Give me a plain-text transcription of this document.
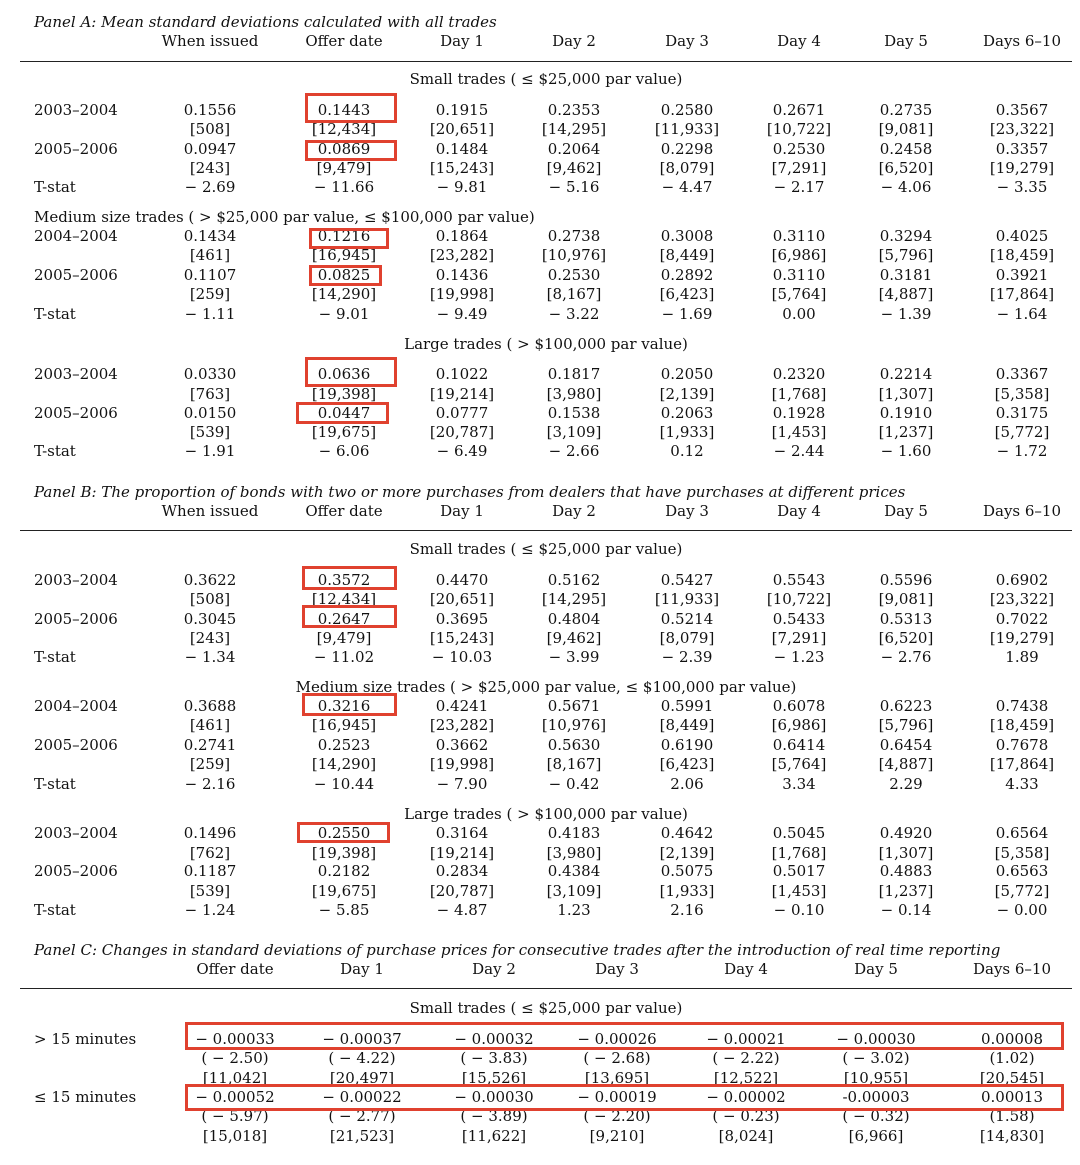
Panel A: Mean standard deviations calculated with all trades
When issued	Offer date	Day 1	Day 2	Day 3	Day 4	Day 5	Days 6–10
Small trades ( ≤ $25,000 par value)
2003–2004	0.1556	0.1443	0.1915	0.2353	0.2580	0.2671	0.2735	0.3567
[508]	[12,434]	[20,651]	[14,295]	[11,933]	[10,722]	[9,081]	[23,322]
2005–2006	0.0947	0.0869	0.1484	0.2064	0.2298	0.2530	0.2458	0.3357
[243]	[9,479]	[15,243]	[9,462]	[8,079]	[7,291]	[6,520]	[19,279]
T-stat	− 2.69	− 11.66	− 9.81	− 5.16	− 4.47	− 2.17	− 4.06	− 3.35
Medium size trades ( > $25,000 par value, ≤ $100,000 par value)
2004–2004	0.1434	0.1216	0.1864	0.2738	0.3008	0.3110	0.3294	0.4025
[461]	[16,945]	[23,282]	[10,976]	[8,449]	[6,986]	[5,796]	[18,459]
2005–2006	0.1107	0.0825	0.1436	0.2530	0.2892	0.3110	0.3181	0.3921
[259]	[14,290]	[19,998]	[8,167]	[6,423]	[5,764]	[4,887]	[17,864]
T-stat	− 1.11	− 9.01	− 9.49	− 3.22	− 1.69	0.00	− 1.39	− 1.64
Large trades ( > $100,000 par value)
2003–2004	0.0330	0.0636	0.1022	0.1817	0.2050	0.2320	0.2214	0.3367
[763]	[19,398]	[19,214]	[3,980]	[2,139]	[1,768]	[1,307]	[5,358]
2005–2006	0.0150	0.0447	0.0777	0.1538	0.2063	0.1928	0.1910	0.3175
[539]	[19,675]	[20,787]	[3,109]	[1,933]	[1,453]	[1,237]	[5,772]
T-stat	− 1.91	− 6.06	− 6.49	− 2.66	0.12	− 2.44	− 1.60	− 1.72
Panel B: The proportion of bonds with two or more purchases from dealers that have purchases at different prices
When issued	Offer date	Day 1	Day 2	Day 3	Day 4	Day 5	Days 6–10
Small trades ( ≤ $25,000 par value)
2003–2004	0.3622	0.3572	0.4470	0.5162	0.5427	0.5543	0.5596	0.6902
[508]	[12,434]	[20,651]	[14,295]	[11,933]	[10,722]	[9,081]	[23,322]
2005–2006	0.3045	0.2647	0.3695	0.4804	0.5214	0.5433	0.5313	0.7022
[243]	[9,479]	[15,243]	[9,462]	[8,079]	[7,291]	[6,520]	[19,279]
T-stat	− 1.34	− 11.02	− 10.03	− 3.99	− 2.39	− 1.23	− 2.76	1.89
Medium size trades ( > $25,000 par value, ≤ $100,000 par value)
2004–2004	0.3688	0.3216	0.4241	0.5671	0.5991	0.6078	0.6223	0.7438
[461]	[16,945]	[23,282]	[10,976]	[8,449]	[6,986]	[5,796]	[18,459]
2005–2006	0.2741	0.2523	0.3662	0.5630	0.6190	0.6414	0.6454	0.7678
[259]	[14,290]	[19,998]	[8,167]	[6,423]	[5,764]	[4,887]	[17,864]
T-stat	− 2.16	− 10.44	− 7.90	− 0.42	2.06	3.34	2.29	4.33
Large trades ( > $100,000 par value)
2003–2004	0.1496	0.2550	0.3164	0.4183	0.4642	0.5045	0.4920	0.6564
[762]	[19,398]	[19,214]	[3,980]	[2,139]	[1,768]	[1,307]	[5,358]
2005–2006	0.1187	0.2182	0.2834	0.4384	0.5075	0.5017	0.4883	0.6563
[539]	[19,675]	[20,787]	[3,109]	[1,933]	[1,453]	[1,237]	[5,772]
T-stat	− 1.24	− 5.85	− 4.87	1.23	2.16	− 0.10	− 0.14	− 0.00
Panel C: Changes in standard deviations of purchase prices for consecutive trades after the introduction of real time reporting
Offer date	Day 1	Day 2	Day 3	Day 4	Day 5	Days 6–10
Small trades ( ≤ $25,000 par value)
> 15 minutes	− 0.00033	− 0.00037	− 0.00032	− 0.00026	− 0.00021	− 0.00030	0.00008
( − 2.50)	( − 4.22)	( − 3.83)	( − 2.68)	( − 2.22)	( − 3.02)	(1.02)
[11,042]	[20,497]	[15,526]	[13,695]	[12,522]	[10,955]	[20,545]
≤ 15 minutes	− 0.00052	− 0.00022	− 0.00030	− 0.00019	− 0.00002	-0.00003	0.00013
( − 5.97)	( − 2.77)	( − 3.89)	( − 2.20)	( − 0.23)	( − 0.32)	(1.58)
[15,018]	[21,523]	[11,622]	[9,210]	[8,024]	[6,966]	[14,830]
